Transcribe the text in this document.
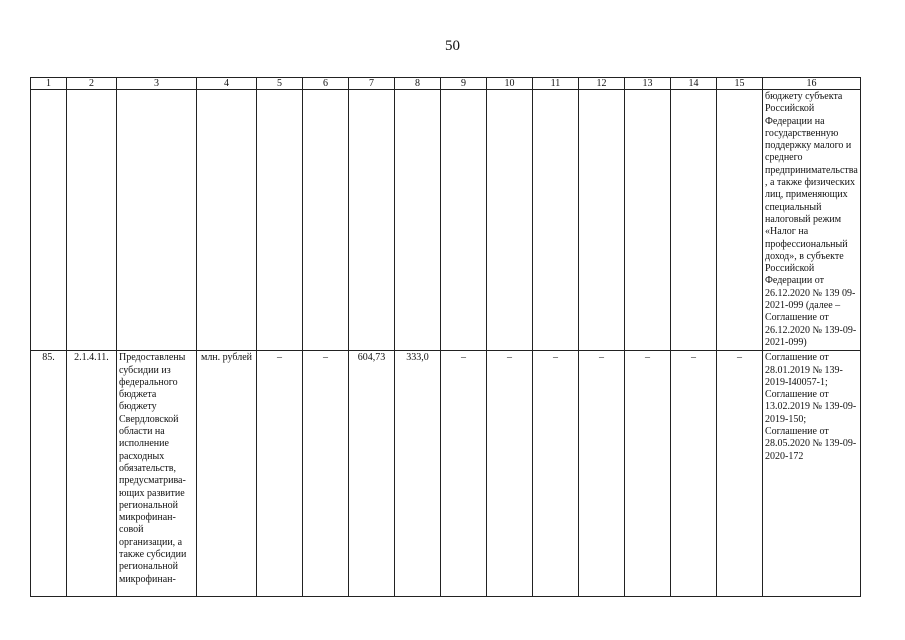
50
1	2	3	4	5	6	7	8	9	10	11	12	13	14	15	16
															бюджету субъекта Российской Федерации на государственную поддержку малого и среднего предпринимательства, а также физических лиц, применяющих специальный налоговый режим «Налог на профессиональный доход», в субъекте Российской Федерации от 26.12.2020 № 139 09-2021-099 (далее – Соглашение от 26.12.2020 № 139-09-2021-099)
85.	2.1.4.11.	Предоставлены субсидии из федерального бюджета бюджету Свердловской области на исполнение расходных обязательств, предусматрива-ющих развитие региональной микрофинан-совой организации, а также субсидии региональной микрофинан-	млн. рублей	–	–	604,73	333,0	–	–	–	–	–	–	–	Соглашение от 28.01.2019 № 139-2019-I40057-1; Соглашение от 13.02.2019 № 139-09-2019-150; Соглашение от 28.05.2020 № 139-09-2020-172
